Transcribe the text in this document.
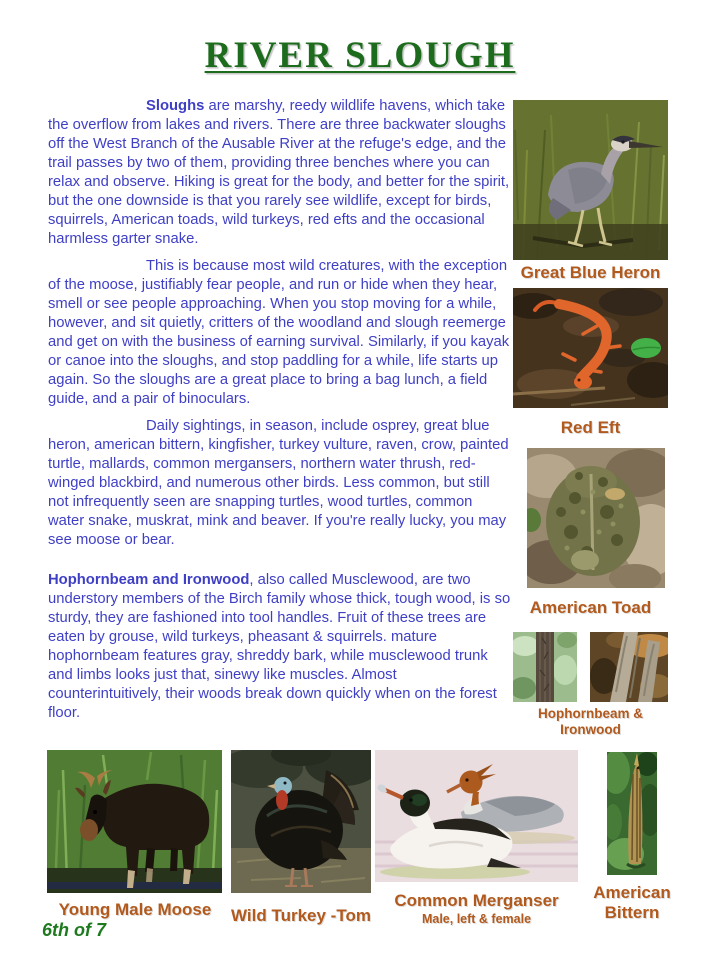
RIVER SLOUGH

Sloughs are marshy, reedy wildlife havens, which take the overflow from lakes and rivers. There are three backwater sloughs off the West Branch of the Ausable River at the refuge's edge, and the trail passes by two of them, providing three benches where you can relax and observe. Hiking is great for the body, and better for the spirit, but the one downside is that you rarely see wildlife, except for birds, squirrels, American toads, wild turkeys, red efts and the occasional harmless garter snake.

This is because most wild creatures, with the exception of the moose, justifiably fear people, and run or hide when they hear, smell or see people approaching. When you stop moving for a while, however, and sit quietly, critters of the woodland and slough reemerge and get on with the business of earning survival. Similarly, if you kayak or canoe into the sloughs, and stop paddling for a while, life starts up again. So the sloughs are a great place to bring a bag lunch, a field guide, and a pair of binoculars.

Daily sightings, in season, include osprey, great blue heron, american bittern, kingfisher, turkey vulture, raven, crow, painted turtle, mallards, common mergansers, northern water thrush, red-winged blackbird, and numerous other birds. Less common, but still not infrequently seen are snapping turtles, wood turtles, common water snake, muskrat, mink and beaver. If you're really lucky, you may see moose or bear.

Hophornbeam and Ironwood, also called Musclewood, are two understory members of the Birch family whose thick, tough wood, is so sturdy, they are fashioned into tool handles. Fruit of these trees are eaten by grouse, wild turkeys, pheasant & squirrels. mature hophornbeam features gray, shreddy bark, while musclewood trunk and limbs looks just that, sinewy like muscles. Almost counterintuitively, their woods break down quickly when on the forest floor.

Great Blue Heron
Red Eft
American Toad
Hophornbeam & Ironwood
Young Male Moose	Wild Turkey -Tom
Common Merganser
Male, left & female
American Bittern
6th of 7
